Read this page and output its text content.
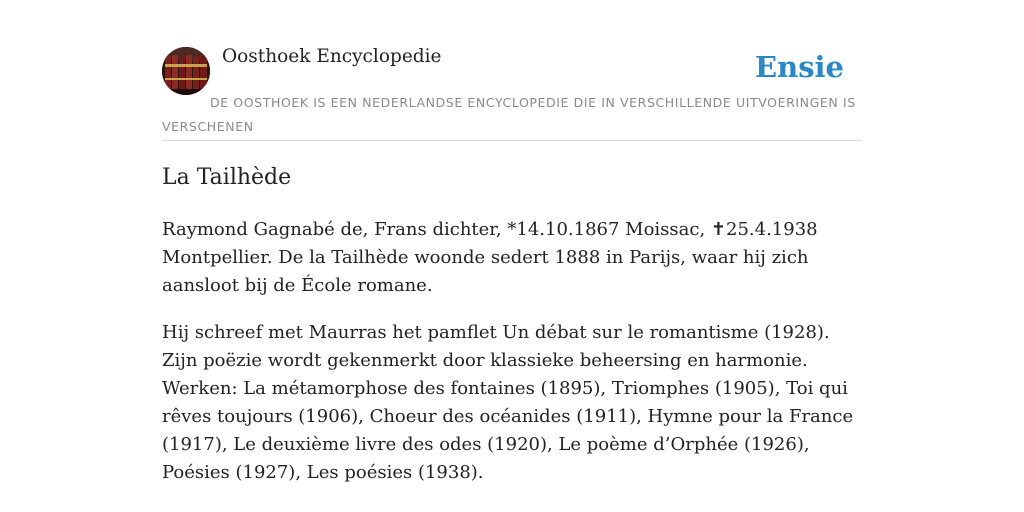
Oosthoek Encyclopedie	Ensie
DE OOSTHOEK IS EEN NEDERLANDSE ENCYCLOPEDIE DIE IN VERSCHILLENDE UITVOERINGEN IS VERSCHENEN
La Tailhède

Raymond Gagnabé de, Frans dichter, *14.10.1867 Moissac, ✝25.4.1938 Montpellier. De la Tailhède woonde sedert 1888 in Parijs, waar hij zich aansloot bij de École romane.

Hij schreef met Maurras het pamflet Un débat sur le romantisme (1928). Zijn poëzie wordt gekenmerkt door klassieke beheersing en harmonie. Werken: La métamorphose des fontaines (1895), Triomphes (1905), Toi qui rêves toujours (1906), Choeur des océanides (1911), Hymne pour la France (1917), Le deuxième livre des odes (1920), Le poème d’Orphée (1926), Poésies (1927), Les poésies (1938).
